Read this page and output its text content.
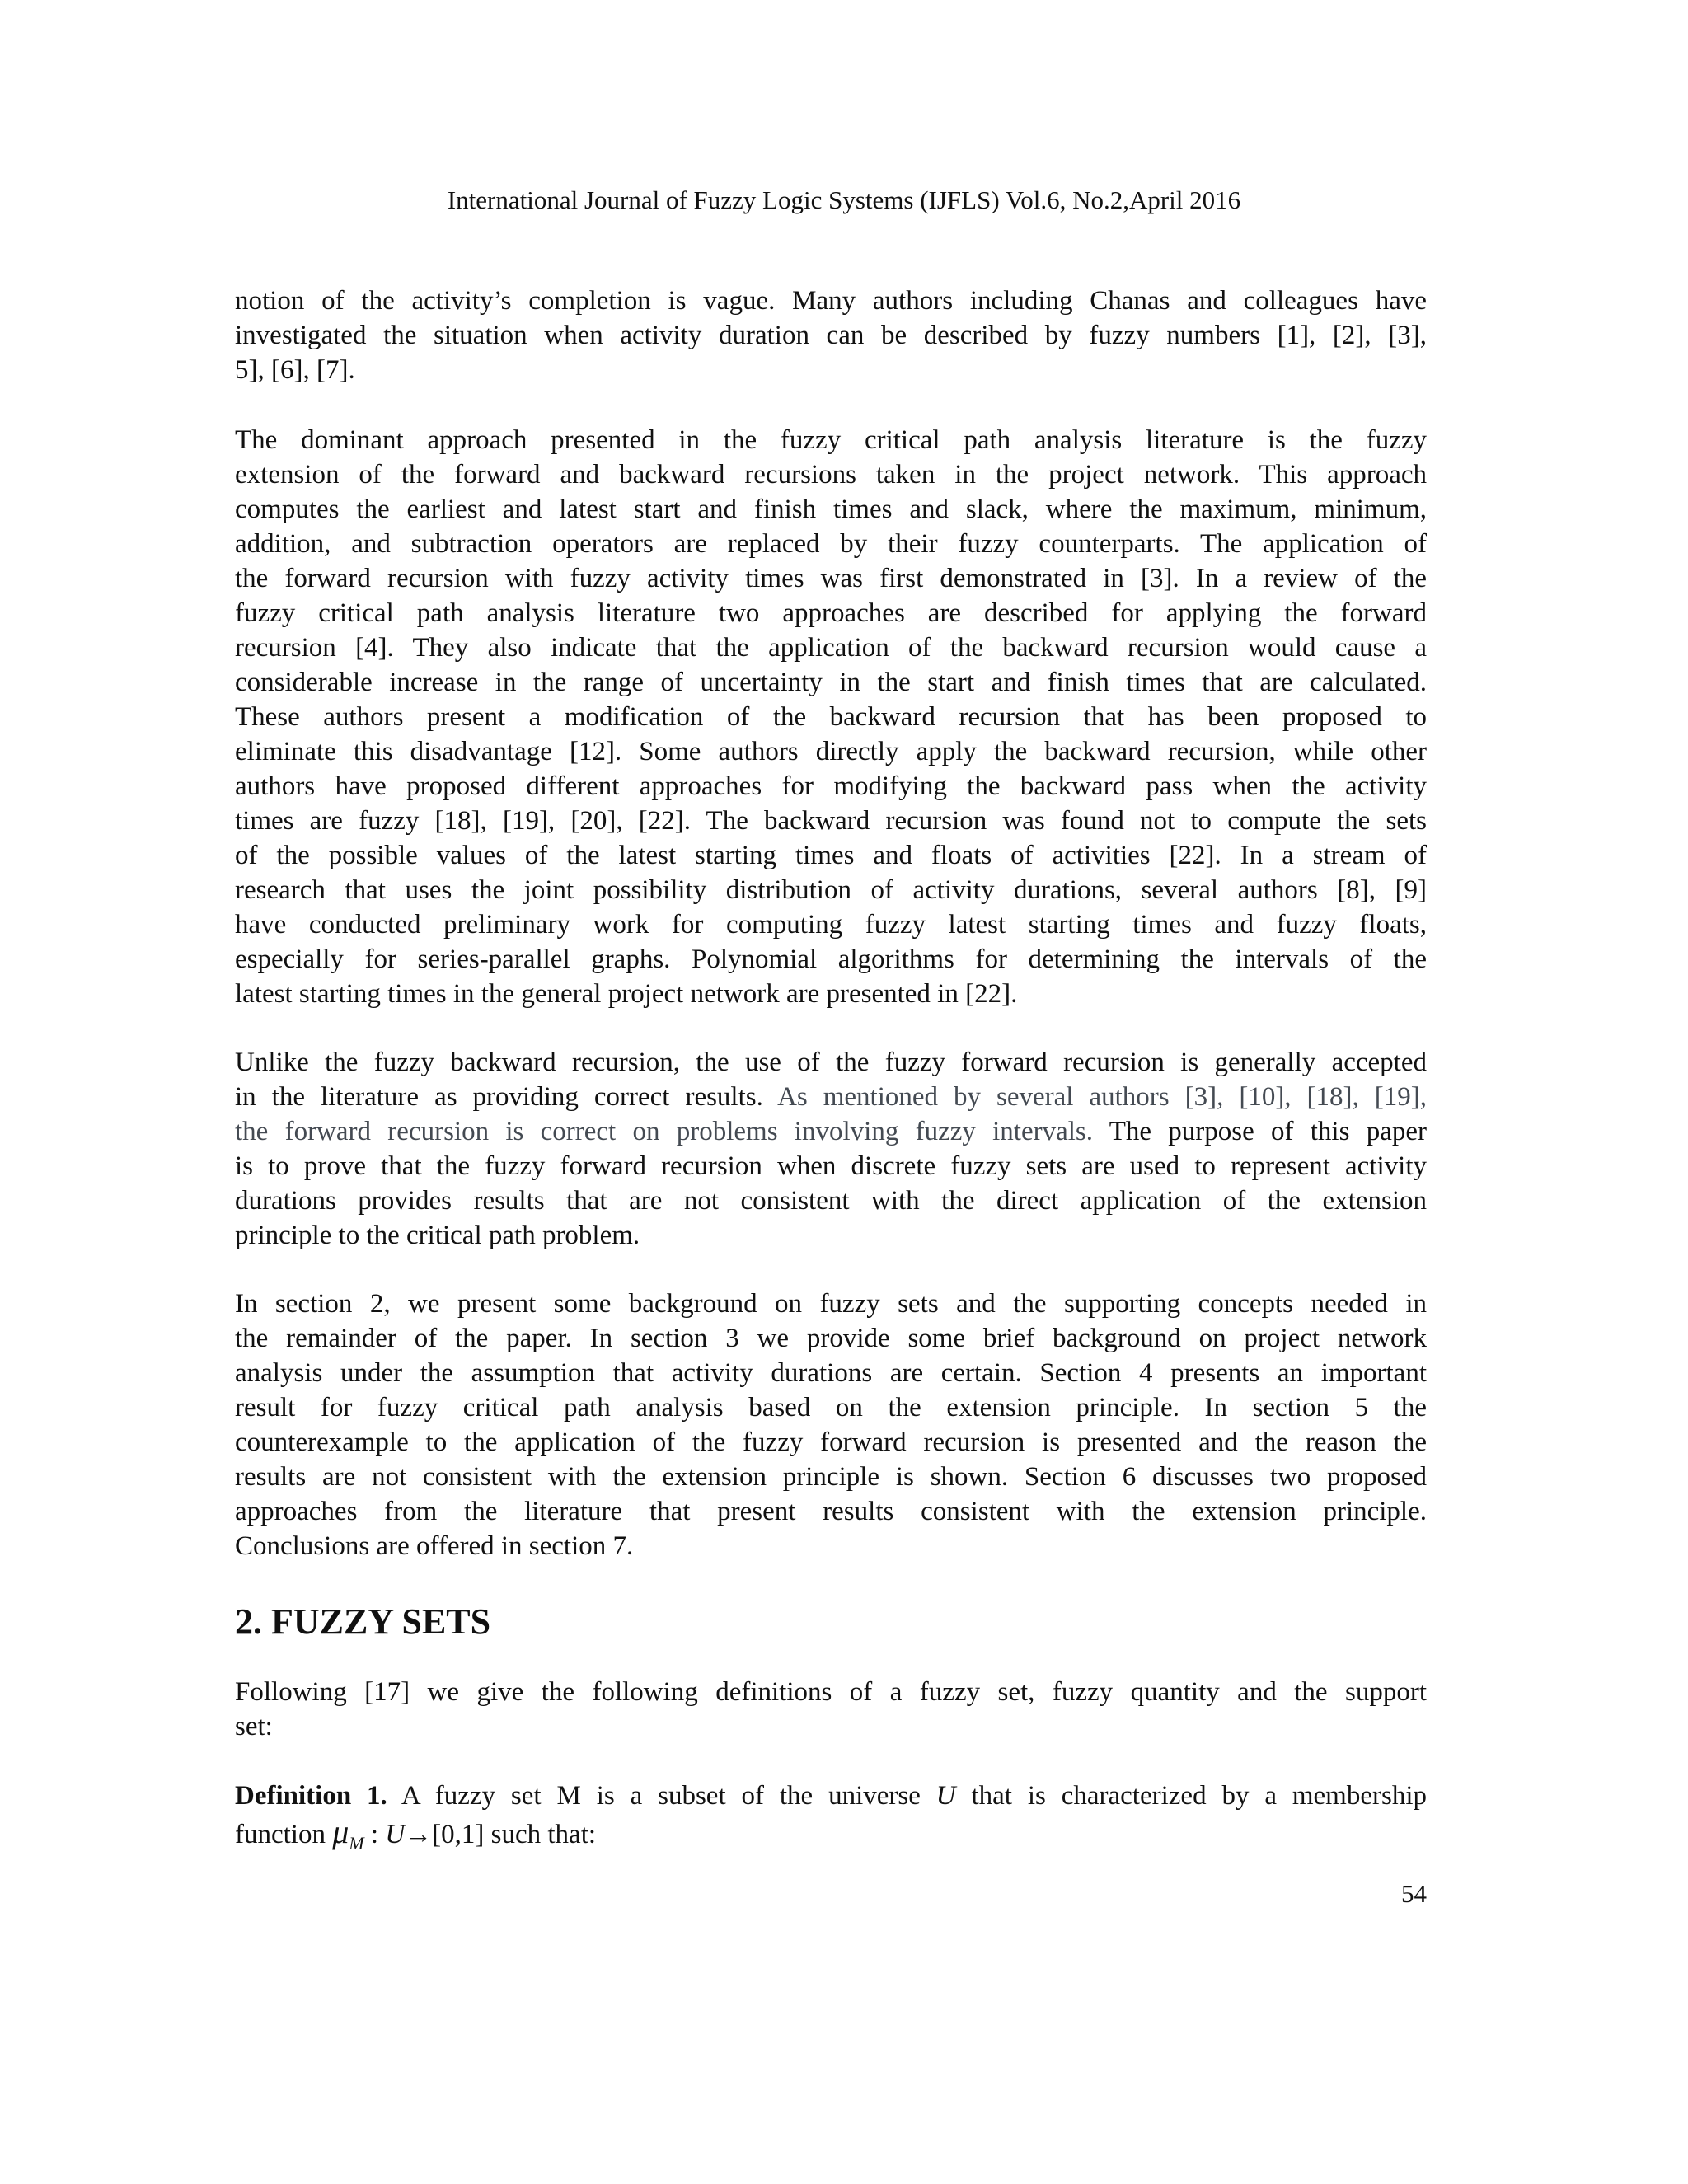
International Journal of Fuzzy Logic Systems (IJFLS) Vol.6, No.2,April 2016
notion of the activity’s completion is vague. Many authors including Chanas and colleagues have
investigated the situation when activity duration can be described by fuzzy numbers [1], [2], [3],
5], [6], [7].
The dominant approach presented in the fuzzy critical path analysis literature is the fuzzy
extension of the forward and backward recursions taken in the project network. This approach
computes the earliest and latest start and finish times and slack, where the maximum, minimum,
addition, and subtraction operators are replaced by their fuzzy counterparts. The application of
the forward recursion with fuzzy activity times was first demonstrated in [3]. In a review of the
fuzzy critical path analysis literature two approaches are described for applying the forward
recursion [4]. They also indicate that the application of the backward recursion would cause a
considerable increase in the range of uncertainty in the start and finish times that are calculated.
These authors present a modification of the backward recursion that has been proposed to
eliminate this disadvantage [12]. Some authors directly apply the backward recursion, while other
authors have proposed different approaches for modifying the backward pass when the activity
times are fuzzy [18], [19], [20], [22]. The backward recursion was found not to compute the sets
of the possible values of the latest starting times and floats of activities [22]. In a stream of
research that uses the joint possibility distribution of activity durations, several authors [8], [9]
have conducted preliminary work for computing fuzzy latest starting times and fuzzy floats,
especially for series-parallel graphs. Polynomial algorithms for determining the intervals of the
latest starting times in the general project network are presented in [22].
Unlike the fuzzy backward recursion, the use of the fuzzy forward recursion is generally accepted
in the literature as providing correct results. As mentioned by several authors [3], [10], [18], [19],
the forward recursion is correct on problems involving fuzzy intervals. The purpose of this paper
is to prove that the fuzzy forward recursion when discrete fuzzy sets are used to represent activity
durations provides results that are not consistent with the direct application of the extension
principle to the critical path problem.
In section 2, we present some background on fuzzy sets and the supporting concepts needed in
the remainder of the paper. In section 3 we provide some brief background on project network
analysis under the assumption that activity durations are certain. Section 4 presents an important
result for fuzzy critical path analysis based on the extension principle. In section 5 the
counterexample to the application of the fuzzy forward recursion is presented and the reason the
results are not consistent with the extension principle is shown. Section 6 discusses two proposed
approaches from the literature that present results consistent with the extension principle.
Conclusions are offered in section 7.
2. FUZZY SETS
Following [17] we give the following definitions of a fuzzy set, fuzzy quantity and the support
set:
Definition 1. A fuzzy set M is a subset of the universe U that is characterized by a membership
function $\mu_M$ : U→[0,1] such that:
54
